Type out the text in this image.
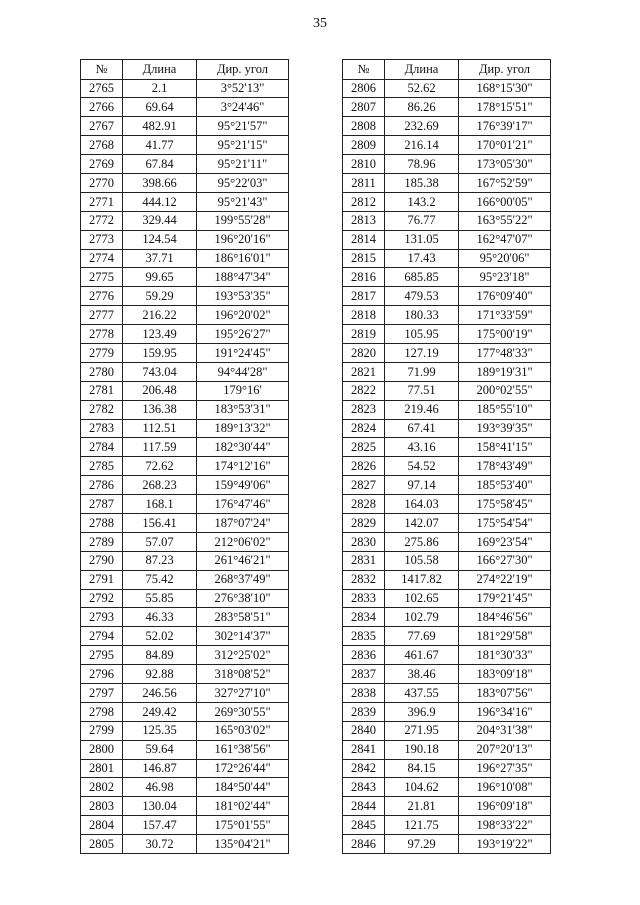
35
№	Длина	Дир. угол
2765	2.1	3°52'13"
2766	69.64	3°24'46"
2767	482.91	95°21'57"
2768	41.77	95°21'15"
2769	67.84	95°21'11"
2770	398.66	95°22'03"
2771	444.12	95°21'43"
2772	329.44	199°55'28"
2773	124.54	196°20'16"
2774	37.71	186°16'01"
2775	99.65	188°47'34"
2776	59.29	193°53'35"
2777	216.22	196°20'02"
2778	123.49	195°26'27"
2779	159.95	191°24'45"
2780	743.04	94°44'28"
2781	206.48	179°16'
2782	136.38	183°53'31"
2783	112.51	189°13'32"
2784	117.59	182°30'44"
2785	72.62	174°12'16"
2786	268.23	159°49'06"
2787	168.1	176°47'46"
2788	156.41	187°07'24"
2789	57.07	212°06'02"
2790	87.23	261°46'21"
2791	75.42	268°37'49"
2792	55.85	276°38'10"
2793	46.33	283°58'51"
2794	52.02	302°14'37"
2795	84.89	312°25'02"
2796	92.88	318°08'52"
2797	246.56	327°27'10"
2798	249.42	269°30'55"
2799	125.35	165°03'02"
2800	59.64	161°38'56"
2801	146.87	172°26'44"
2802	46.98	184°50'44"
2803	130.04	181°02'44"
2804	157.47	175°01'55"
2805	30.72	135°04'21"
№	Длина	Дир. угол
2806	52.62	168°15'30"
2807	86.26	178°15'51"
2808	232.69	176°39'17"
2809	216.14	170°01'21"
2810	78.96	173°05'30"
2811	185.38	167°52'59"
2812	143.2	166°00'05"
2813	76.77	163°55'22"
2814	131.05	162°47'07"
2815	17.43	95°20'06"
2816	685.85	95°23'18"
2817	479.53	176°09'40"
2818	180.33	171°33'59"
2819	105.95	175°00'19"
2820	127.19	177°48'33"
2821	71.99	189°19'31"
2822	77.51	200°02'55"
2823	219.46	185°55'10"
2824	67.41	193°39'35"
2825	43.16	158°41'15"
2826	54.52	178°43'49"
2827	97.14	185°53'40"
2828	164.03	175°58'45"
2829	142.07	175°54'54"
2830	275.86	169°23'54"
2831	105.58	166°27'30"
2832	1417.82	274°22'19"
2833	102.65	179°21'45"
2834	102.79	184°46'56"
2835	77.69	181°29'58"
2836	461.67	181°30'33"
2837	38.46	183°09'18"
2838	437.55	183°07'56"
2839	396.9	196°34'16"
2840	271.95	204°31'38"
2841	190.18	207°20'13"
2842	84.15	196°27'35"
2843	104.62	196°10'08"
2844	21.81	196°09'18"
2845	121.75	198°33'22"
2846	97.29	193°19'22"
